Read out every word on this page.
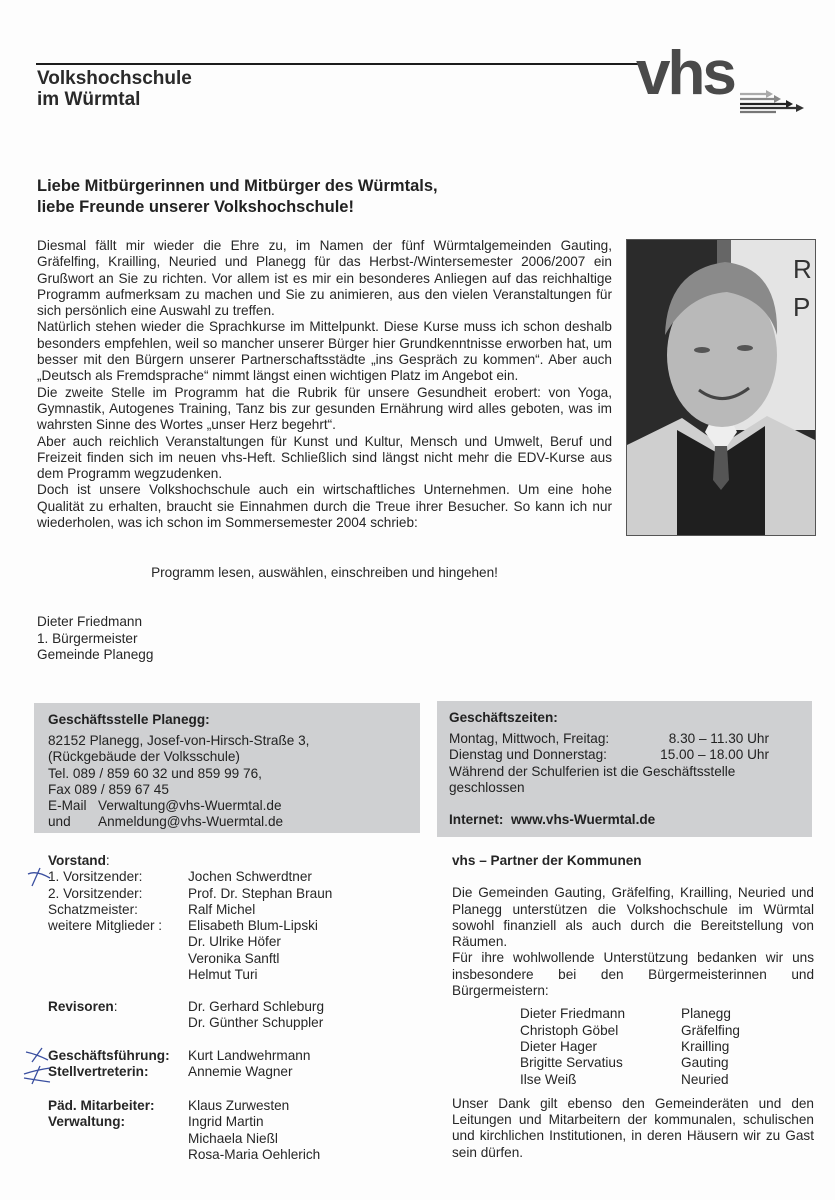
Volkshochschule
im Würmtal	vhs
Liebe Mitbürgerinnen und Mitbürger des Würmtals,
liebe Freunde unserer Volkshochschule!

Diesmal fällt mir wieder die Ehre zu, im Namen der fünf Würmtalgemeinden Gauting, Gräfelfing, Krailling, Neuried und Planegg für das Herbst-/Wintersemester 2006/2007 ein Grußwort an Sie zu richten. Vor allem ist es mir ein besonderes Anliegen auf das reichhaltige Programm aufmerksam zu machen und Sie zu animieren, aus den vielen Veranstaltungen für sich persönlich eine Auswahl zu treffen.

Natürlich stehen wieder die Sprachkurse im Mittelpunkt. Diese Kurse muss ich schon deshalb besonders empfehlen, weil so mancher unserer Bürger hier Grundkenntnisse erworben hat, um besser mit den Bürgern unserer Partnerschaftsstädte „ins Gespräch zu kommen“. Aber auch „Deutsch als Fremdsprache“ nimmt längst einen wichtigen Platz im Angebot ein.

Die zweite Stelle im Programm hat die Rubrik für unsere Gesundheit erobert: von Yoga, Gymnastik, Autogenes Training, Tanz bis zur gesunden Ernährung wird alles geboten, was im wahrsten Sinne des Wortes „unser Herz begehrt“.

Aber auch reichlich Veranstaltungen für Kunst und Kultur, Mensch und Umwelt, Beruf und Freizeit finden sich im neuen vhs-Heft. Schließlich sind längst nicht mehr die EDV-Kurse aus dem Programm wegzudenken.

Doch ist unsere Volkshochschule auch ein wirtschaftliches Unternehmen. Um eine hohe Qualität zu erhalten, braucht sie Einnahmen durch die Treue ihrer Besucher. So kann ich nur wiederholen, was ich schon im Sommersemester 2004 schrieb:

Programm lesen, auswählen, einschreiben und hingehen!
R
P
Dieter Friedmann
1. Bürgermeister
Gemeinde Planegg
Geschäftsstelle Planegg:
82152 Planegg, Josef-von-Hirsch-Straße 3,
(Rückgebäude der Volksschule)
Tel. 089 / 859 60 32 und 859 99 76,
Fax 089 / 859 67 45
E-Mail Verwaltung@vhs-Wuermtal.de
und	Anmeldung@vhs-Wuermtal.de
Geschäftszeiten:
Montag, Mittwoch, Freitag:	8.30 – 11.30 Uhr
Dienstag und Donnerstag:	15.00 – 18.00 Uhr
Während der Schulferien ist die Geschäftsstelle geschlossen
Internet: www.vhs-Wuermtal.de
Vorstand:
1. Vorsitzender:	Jochen Schwerdtner
2. Vorsitzender:	Prof. Dr. Stephan Braun
Schatzmeister:	Ralf Michel
weitere Mitglieder :	Elisabeth Blum-Lipski
Dr. Ulrike Höfer
Veronika Sanftl
Helmut Turi
Revisoren:	Dr. Gerhard Schleburg
Dr. Günther Schuppler
Geschäftsführung:	Kurt Landwehrmann
Stellvertreterin:	Annemie Wagner
Päd. Mitarbeiter:	Klaus Zurwesten
Verwaltung:	Ingrid Martin
Michaela Nießl
Rosa-Maria Oehlerich
vhs – Partner der Kommunen

Die Gemeinden Gauting, Gräfelfing, Krailling, Neuried und Planegg unterstützen die Volkshochschule im Würmtal sowohl finanziell als auch durch die Bereitstellung von Räumen.

Für ihre wohlwollende Unterstützung bedanken wir uns insbesondere bei den Bürgermeisterinnen und Bürgermeistern:

Dieter Friedmann	Planegg
Christoph Göbel	Gräfelfing
Dieter Hager	Krailling
Brigitte Servatius	Gauting
Ilse Weiß	Neuried

Unser Dank gilt ebenso den Gemeinderäten und den Leitungen und Mitarbeitern der kommunalen, schulischen und kirchlichen Institutionen, in deren Häusern wir zu Gast sein dürfen.
